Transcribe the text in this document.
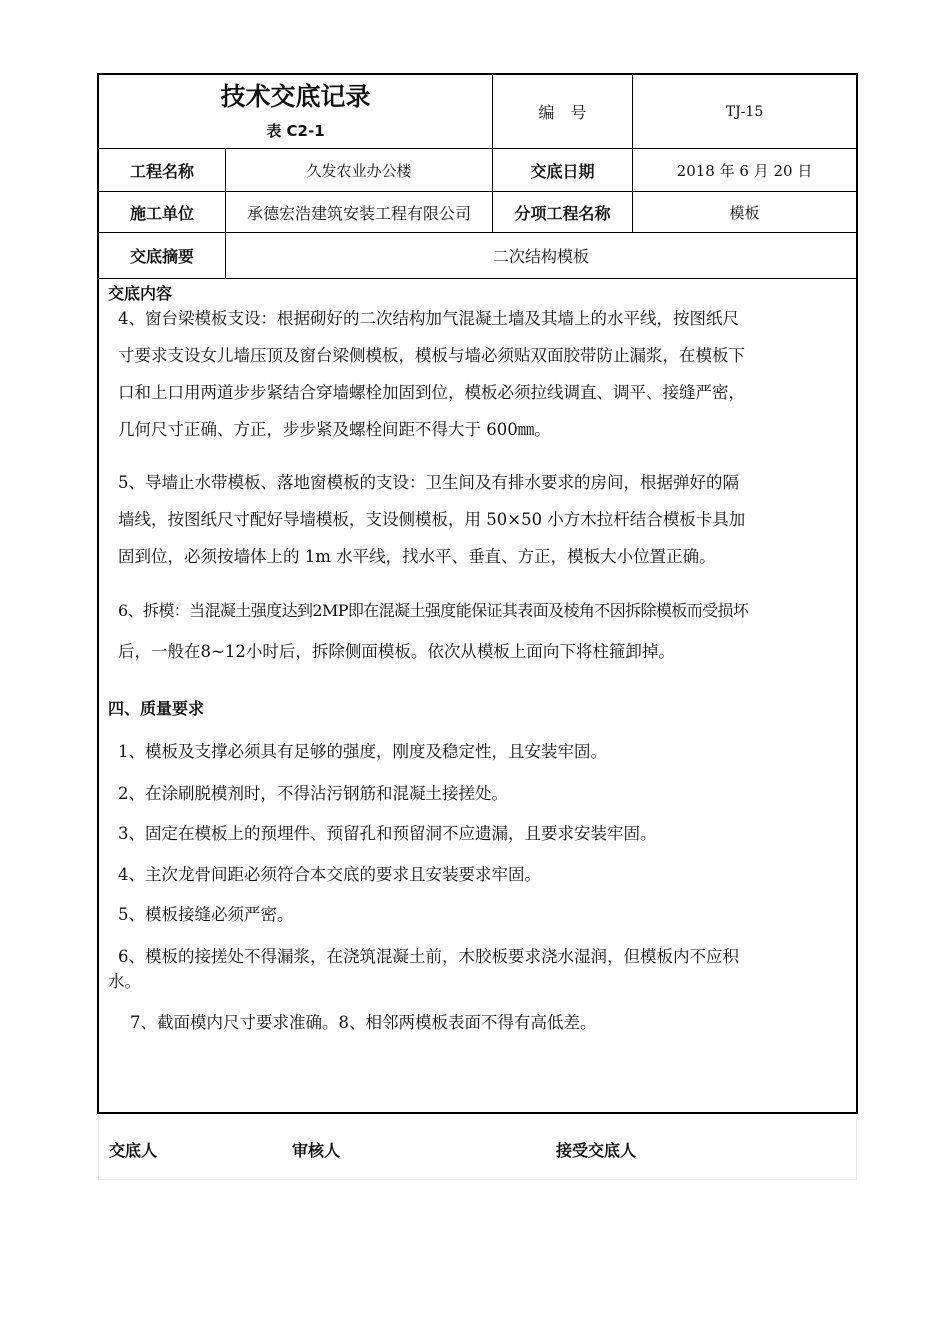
技术交底记录
表 C2-1
编　号	TJ-15
工程名称	久发农业办公楼	交底日期	2018 年 6 月 20 日
施工单位	承德宏浩建筑安装工程有限公司	分项工程名称	模板
交底摘要	二次结构模板
交底内容
4、窗台梁模板支设：根据砌好的二次结构加气混凝土墙及其墙上的水平线，按图纸尺
寸要求支设女儿墙压顶及窗台梁侧模板，模板与墙必须贴双面胶带防止漏浆，在模板下
口和上口用两道步步紧结合穿墙螺栓加固到位，模板必须拉线调直、调平、接缝严密，
几何尺寸正确、方正，步步紧及螺栓间距不得大于 600㎜。
5、导墙止水带模板、落地窗模板的支设：卫生间及有排水要求的房间，根据弹好的隔
墙线，按图纸尺寸配好导墙模板，支设侧模板，用 50×50 小方木拉杆结合模板卡具加
固到位，必须按墙体上的 1m 水平线，找水平、垂直、方正，模板大小位置正确。
6、拆模：当混凝土强度达到2MP即在混凝土强度能保证其表面及棱角不因拆除模板而受损坏
后，一般在8~12小时后，拆除侧面模板。依次从模板上面向下将柱箍卸掉。
四、质量要求
1、模板及支撑必须具有足够的强度，刚度及稳定性，且安装牢固。
2、在涂刷脱模剂时，不得沾污钢筋和混凝土接搓处。
3、固定在模板上的预埋件、预留孔和预留洞不应遗漏，且要求安装牢固。
4、主次龙骨间距必须符合本交底的要求且安装要求牢固。
5、模板接缝必须严密。
6、模板的接搓处不得漏浆，在浇筑混凝土前，木胶板要求浇水湿润，但模板内不应积
水。
7、截面模内尺寸要求准确。8、相邻两模板表面不得有高低差。
交底人	审核人	接受交底人
